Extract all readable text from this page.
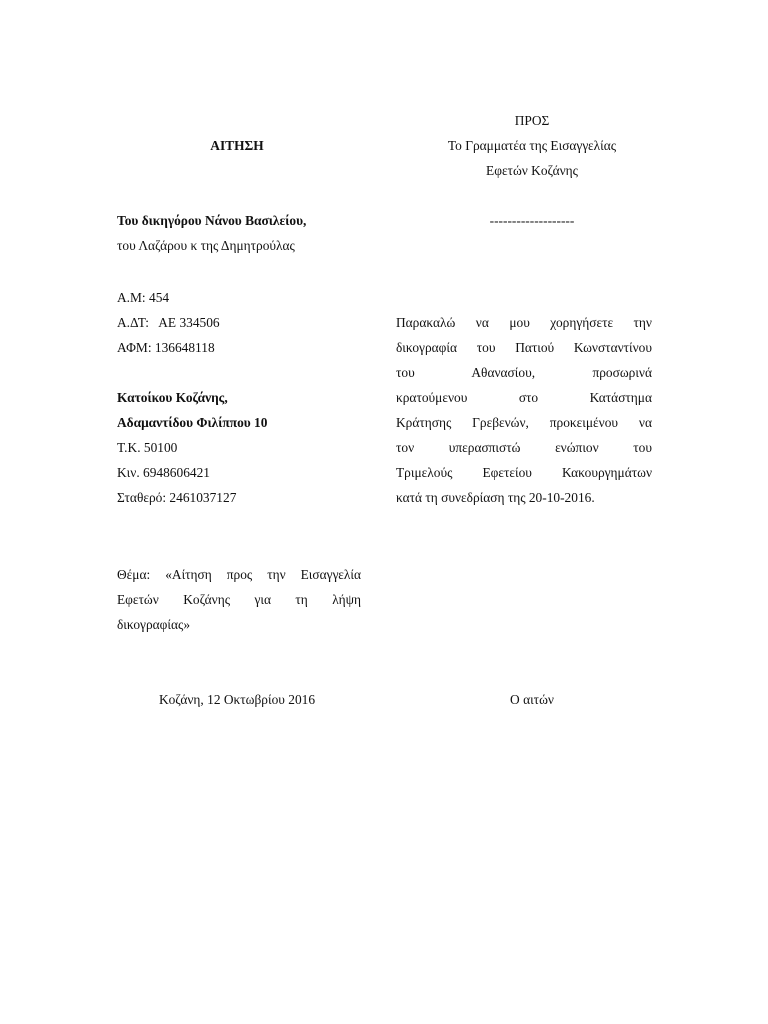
ΠΡΟΣ
Το Γραμματέα της Εισαγγελίας
Εφετών Κοζάνης
ΑΙΤΗΣΗ
Του δικηγόρου Νάνου Βασιλείου,
του Λαζάρου κ της Δημητρούλας
Α.Μ: 454
Α.ΔΤ:   ΑΕ 334506
ΑΦΜ: 136648118
Κατοίκου Κοζάνης,
Αδαμαντίδου Φιλίππου 10
Τ.Κ. 50100
Κιν. 6948606421
Σταθερό: 2461037127
-------------------
Παρακαλώ να μου χορηγήσετε την
δικογραφία του Πατιού Κωνσταντίνου
του Αθανασίου, προσωρινά
κρατούμενου στο Κατάστημα
Κράτησης Γρεβενών, προκειμένου να
τον υπερασπιστώ ενώπιον του
Τριμελούς Εφετείου Κακουργημάτων
κατά τη συνεδρίαση της 20-10-2016.
Θέμα: «Αίτηση προς την Εισαγγελία
Εφετών Κοζάνης για τη λήψη
δικογραφίας»
Κοζάνη, 12 Οκτωβρίου 2016	Ο αιτών
